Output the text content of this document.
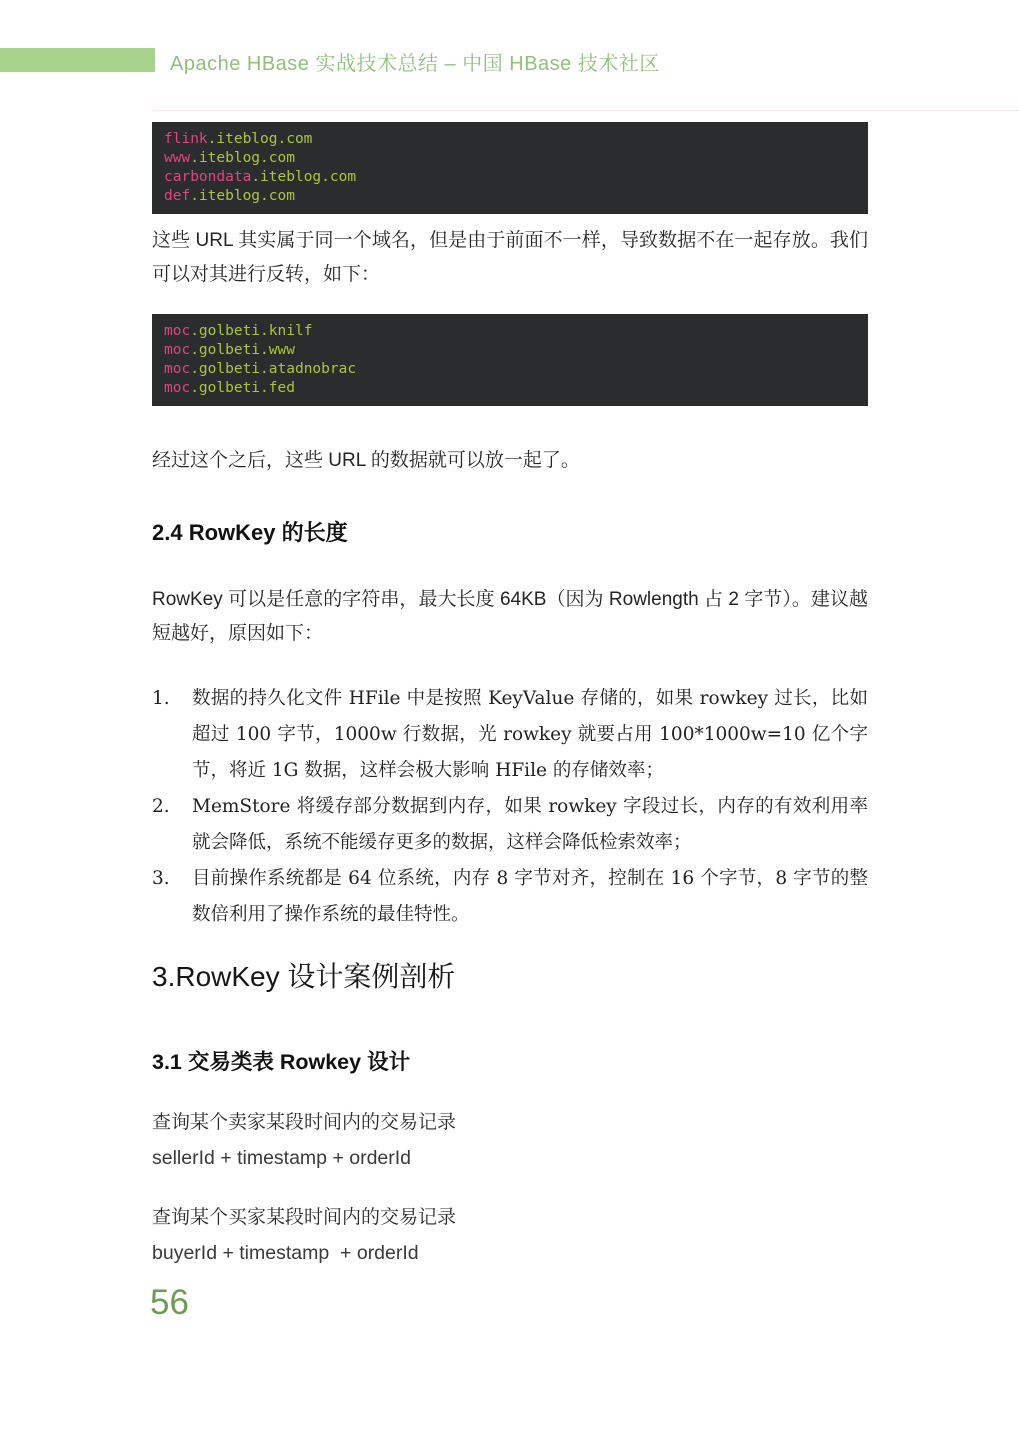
Apache HBase 实战技术总结 – 中国 HBase 技术社区
flink.iteblog.com
www.iteblog.com
carbondata.iteblog.com
def.iteblog.com

这些 URL 其实属于同一个域名，但是由于前面不一样，导致数据不在一起存放。我们可以对其进行反转，如下：

moc.golbeti.knilf
moc.golbeti.www
moc.golbeti.atadnobrac
moc.golbeti.fed

经过这个之后，这些 URL 的数据就可以放一起了。

2.4 RowKey 的长度

RowKey 可以是任意的字符串，最大长度 64KB（因为 Rowlength 占 2 字节）。建议越短越好，原因如下：

1.	数据的持久化文件 HFile 中是按照 KeyValue 存储的，如果 rowkey 过长，比如超过 100 字节，1000w 行数据，光 rowkey 就要占用 100*1000w=10 亿个字节，将近 1G 数据，这样会极大影响 HFile 的存储效率；
2.	MemStore 将缓存部分数据到内存，如果 rowkey 字段过长，内存的有效利用率就会降低，系统不能缓存更多的数据，这样会降低检索效率；
3.	目前操作系统都是 64 位系统，内存 8 字节对齐，控制在 16 个字节，8 字节的整数倍利用了操作系统的最佳特性。
3.RowKey 设计案例剖析
3.1 交易类表 Rowkey 设计
查询某个卖家某段时间内的交易记录
sellerId + timestamp + orderId
查询某个买家某段时间内的交易记录
buyerId + timestamp  + orderId
56
